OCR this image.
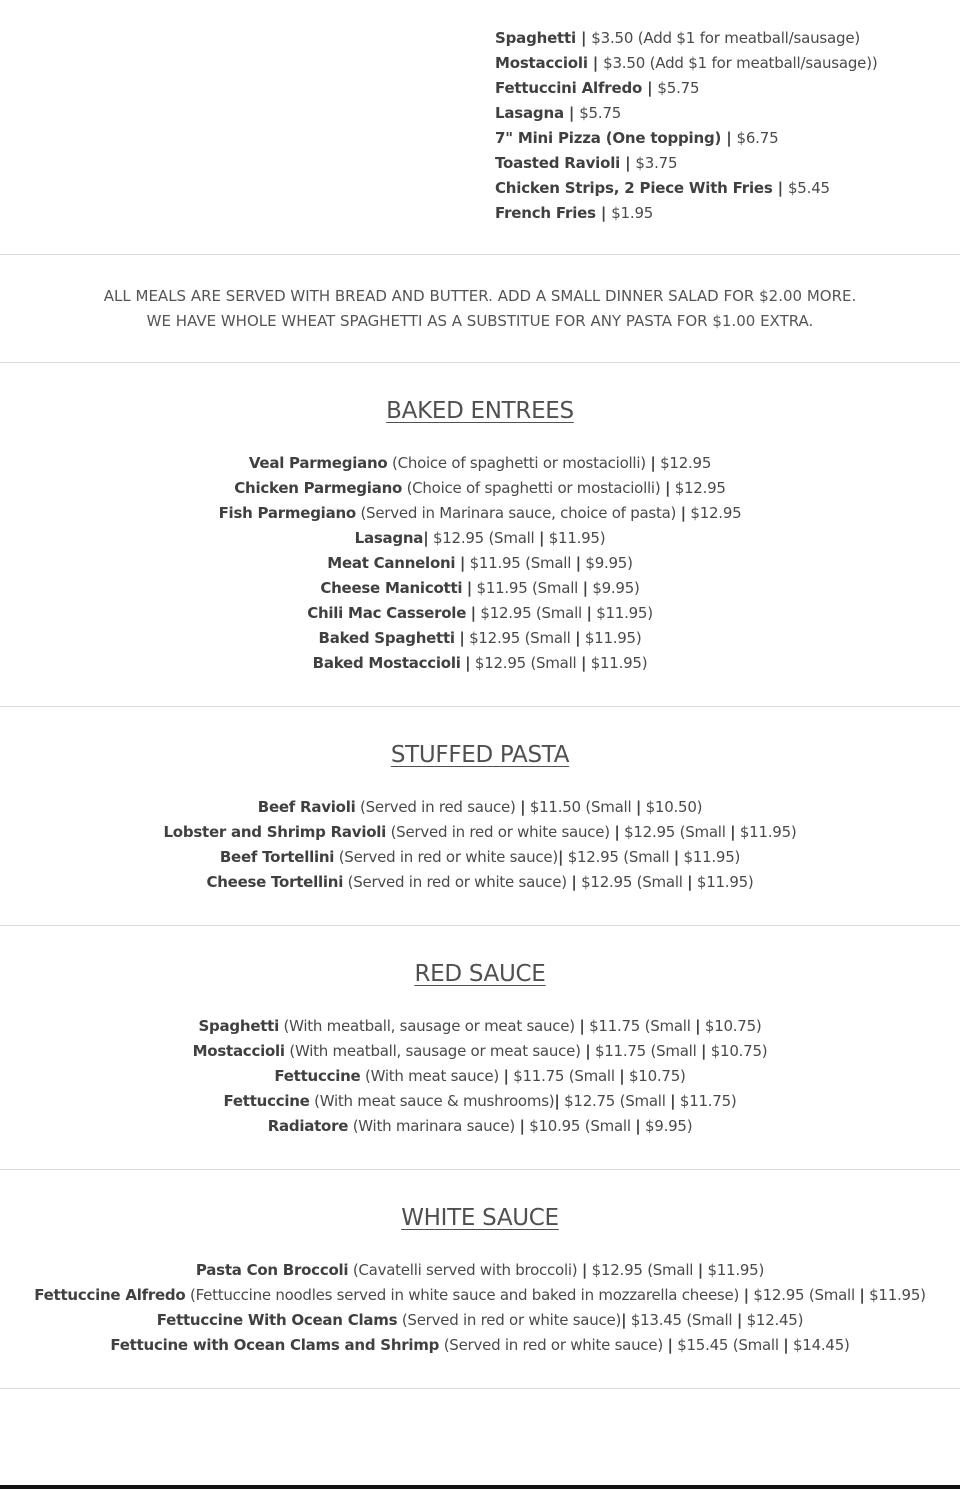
Spaghetti | $3.50 (Add $1 for meatball/sausage)
Mostaccioli | $3.50 (Add $1 for meatball/sausage))
Fettuccini Alfredo | $5.75
Lasagna | $5.75
7" Mini Pizza (One topping) | $6.75
Toasted Ravioli | $3.75
Chicken Strips, 2 Piece With Fries | $5.45
French Fries | $1.95
ALL MEALS ARE SERVED WITH BREAD AND BUTTER. ADD A SMALL DINNER SALAD FOR $2.00 MORE.
WE HAVE WHOLE WHEAT SPAGHETTI AS A SUBSTITUE FOR ANY PASTA FOR $1.00 EXTRA.
BAKED ENTREES
Veal Parmegiano (Choice of spaghetti or mostaciolli) | $12.95
Chicken Parmegiano (Choice of spaghetti or mostaciolli) | $12.95
Fish Parmegiano (Served in Marinara sauce, choice of pasta) | $12.95
Lasagna| $12.95 (Small | $11.95)
Meat Canneloni | $11.95 (Small | $9.95)
Cheese Manicotti | $11.95 (Small | $9.95)
Chili Mac Casserole | $12.95 (Small | $11.95)
Baked Spaghetti | $12.95 (Small | $11.95)
Baked Mostaccioli | $12.95 (Small | $11.95)
STUFFED PASTA
Beef Ravioli (Served in red sauce) | $11.50 (Small | $10.50)
Lobster and Shrimp Ravioli (Served in red or white sauce) | $12.95 (Small | $11.95)
Beef Tortellini (Served in red or white sauce)| $12.95 (Small | $11.95)
Cheese Tortellini (Served in red or white sauce) | $12.95 (Small | $11.95)
RED SAUCE
Spaghetti (With meatball, sausage or meat sauce) | $11.75 (Small | $10.75)
Mostaccioli (With meatball, sausage or meat sauce) | $11.75 (Small | $10.75)
Fettuccine (With meat sauce) | $11.75 (Small | $10.75)
Fettuccine (With meat sauce & mushrooms)| $12.75 (Small | $11.75)
Radiatore (With marinara sauce) | $10.95 (Small | $9.95)
WHITE SAUCE
Pasta Con Broccoli (Cavatelli served with broccoli) | $12.95 (Small | $11.95)
Fettuccine Alfredo (Fettuccine noodles served in white sauce and baked in mozzarella cheese) | $12.95 (Small | $11.95)
Fettuccine With Ocean Clams (Served in red or white sauce)| $13.45 (Small | $12.45)
Fettucine with Ocean Clams and Shrimp (Served in red or white sauce) | $15.45 (Small | $14.45)
